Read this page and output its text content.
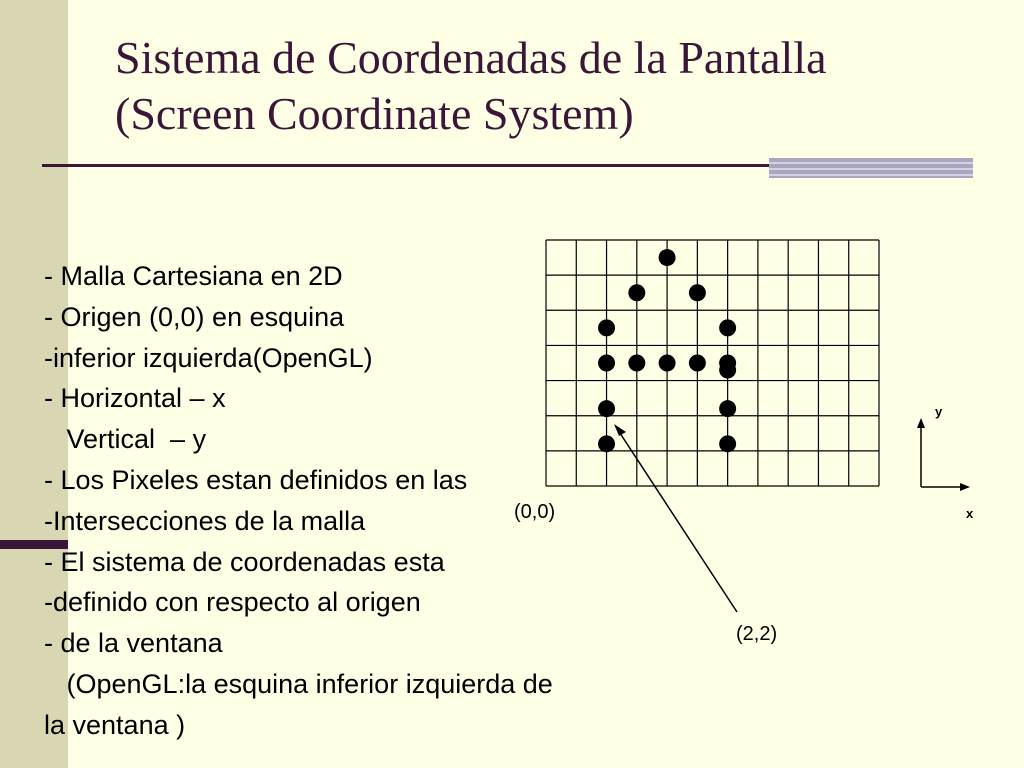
Sistema de Coordenadas de la Pantalla
(Screen Coordinate System)
- Malla Cartesiana en 2D
- Origen (0,0) en esquina
-inferior izquierda(OpenGL)
- Horizontal – x
Vertical  – y
- Los Pixeles estan definidos en las
-Intersecciones de la malla
- El sistema de coordenadas esta
-definido con respecto al origen
- de la ventana
(OpenGL:la esquina inferior izquierda de
la ventana )
(0,0)
(2,2)
y
x
